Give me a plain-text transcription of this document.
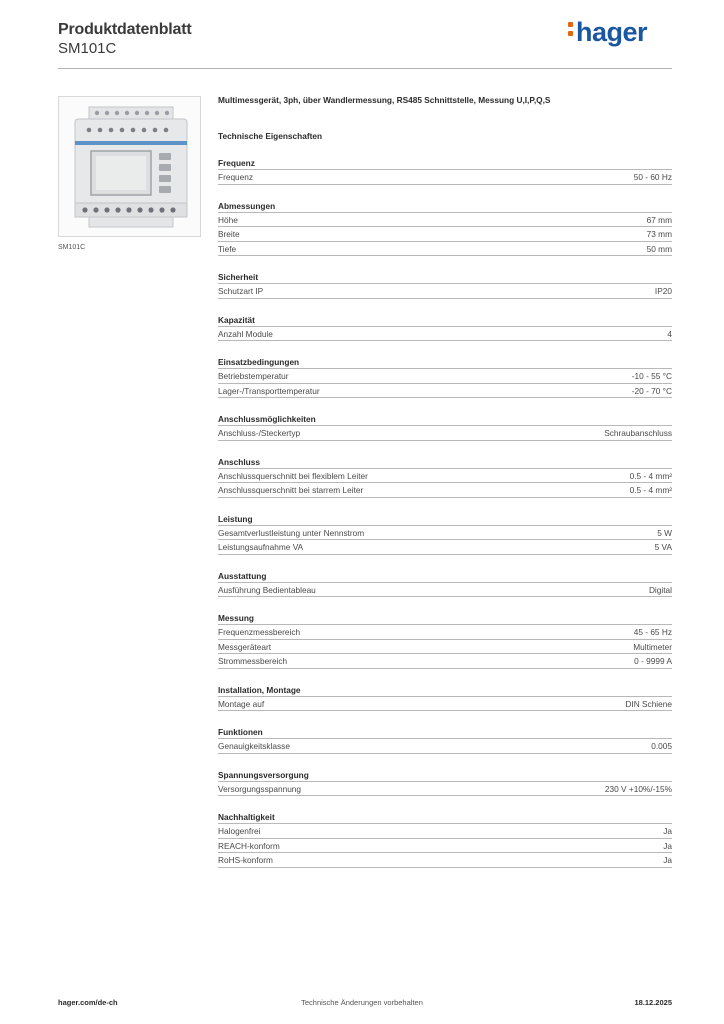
Produktdatenblatt
SM101C
hager
SM101C
Multimessgerät, 3ph, über Wandlermessung, RS485 Schnittstelle, Messung U,I,P,Q,S
Technische Eigenschaften
Frequenz
Frequenz	50 - 60 Hz
Abmessungen
Höhe	67 mm
Breite	73 mm
Tiefe	50 mm
Sicherheit
Schutzart IP	IP20
Kapazität
Anzahl Module	4
Einsatzbedingungen
Betriebstemperatur	-10 - 55 °C
Lager-/Transporttemperatur	-20 - 70 °C
Anschlussmöglichkeiten
Anschluss-/Steckertyp	Schraubanschluss
Anschluss
Anschlussquerschnitt bei flexiblem Leiter	0.5 - 4 mm²
Anschlussquerschnitt bei starrem Leiter	0.5 - 4 mm²
Leistung
Gesamtverlustleistung unter Nennstrom	5 W
Leistungsaufnahme VA	5 VA
Ausstattung
Ausführung Bedientableau	Digital
Messung
Frequenzmessbereich	45 - 65 Hz
Messgeräteart	Multimeter
Strommessbereich	0 - 9999 A
Installation, Montage
Montage auf	DIN Schiene
Funktionen
Genauigkeitsklasse	0.005
Spannungsversorgung
Versorgungsspannung	230 V +10%/-15%
Nachhaltigkeit
Halogenfrei	Ja
REACH-konform	Ja
RoHS-konform	Ja
hager.com/de-ch	Technische Änderungen vorbehalten	18.12.2025
